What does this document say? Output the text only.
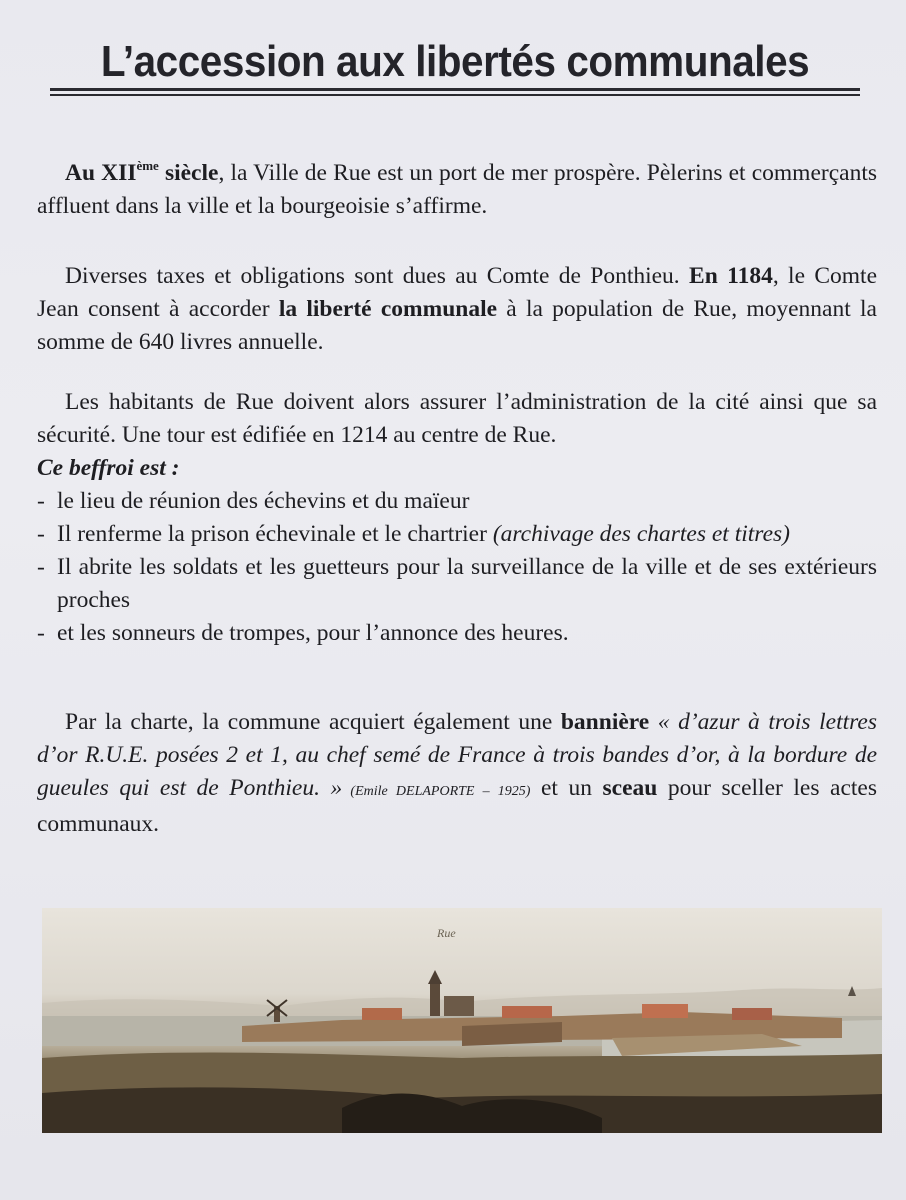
L’accession aux libertés communales

Au XIIème siècle, la Ville de Rue est un port de mer prospère. Pèlerins et commerçants affluent dans la ville et la bourgeoisie s’affirme.

Diverses taxes et obligations sont dues au Comte de Ponthieu. En 1184, le Comte Jean consent à accorder la liberté communale à la population de Rue, moyennant la somme de 640 livres annuelle.

Les habitants de Rue doivent alors assurer l’administration de la cité ainsi que sa sécurité. Une tour est édifiée en 1214 au centre de Rue.

Ce beffroi est :

- le lieu de réunion des échevins et du maïeur
- Il renferme la prison échevinale et le chartrier (archivage des chartes et titres)
- Il abrite les soldats et les guetteurs pour la surveillance de la ville et de ses extérieurs proches
- et les sonneurs de trompes, pour l’annonce des heures.

Par la charte, la commune acquiert également une bannière « d’azur à trois lettres d’or R.U.E. posées 2 et 1, au chef semé de France à trois bandes d’or, à la bordure de gueules qui est de Ponthieu. » (Emile DELAPORTE – 1925) et un sceau pour sceller les actes communaux.

Rue
